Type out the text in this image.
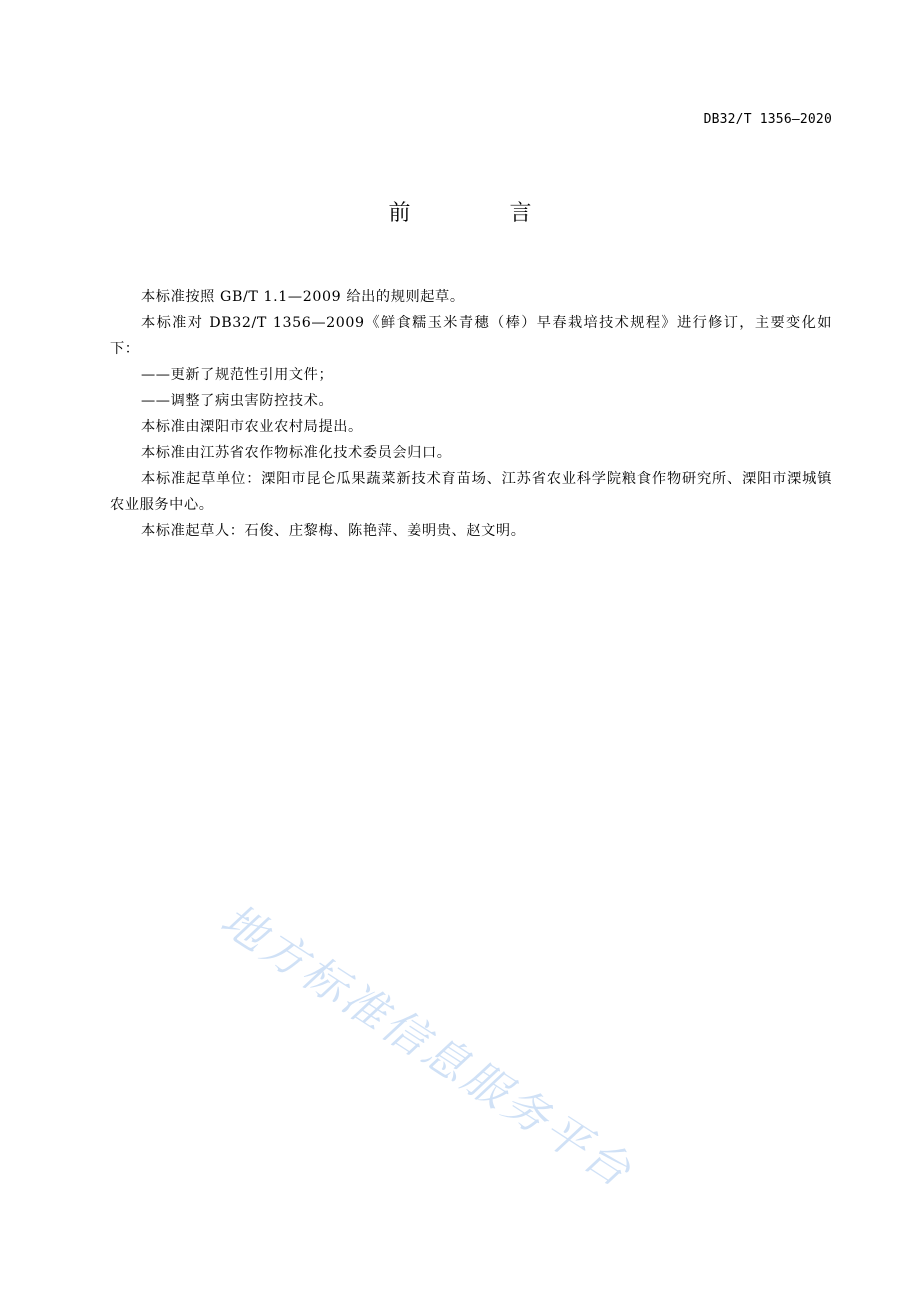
DB32/T 1356—2020
前 言

本标准按照 GB/T 1.1—2009 给出的规则起草。

本标准对 DB32/T 1356—2009《鲜食糯玉米青穗（棒）早春栽培技术规程》进行修订，主要变化如下：

——更新了规范性引用文件；

——调整了病虫害防控技术。

本标准由溧阳市农业农村局提出。

本标准由江苏省农作物标准化技术委员会归口。

本标准起草单位：溧阳市昆仑瓜果蔬菜新技术育苗场、江苏省农业科学院粮食作物研究所、溧阳市溧城镇农业服务中心。

本标准起草人：石俊、庄黎梅、陈艳萍、姜明贵、赵文明。

地方标准信息服务平台
